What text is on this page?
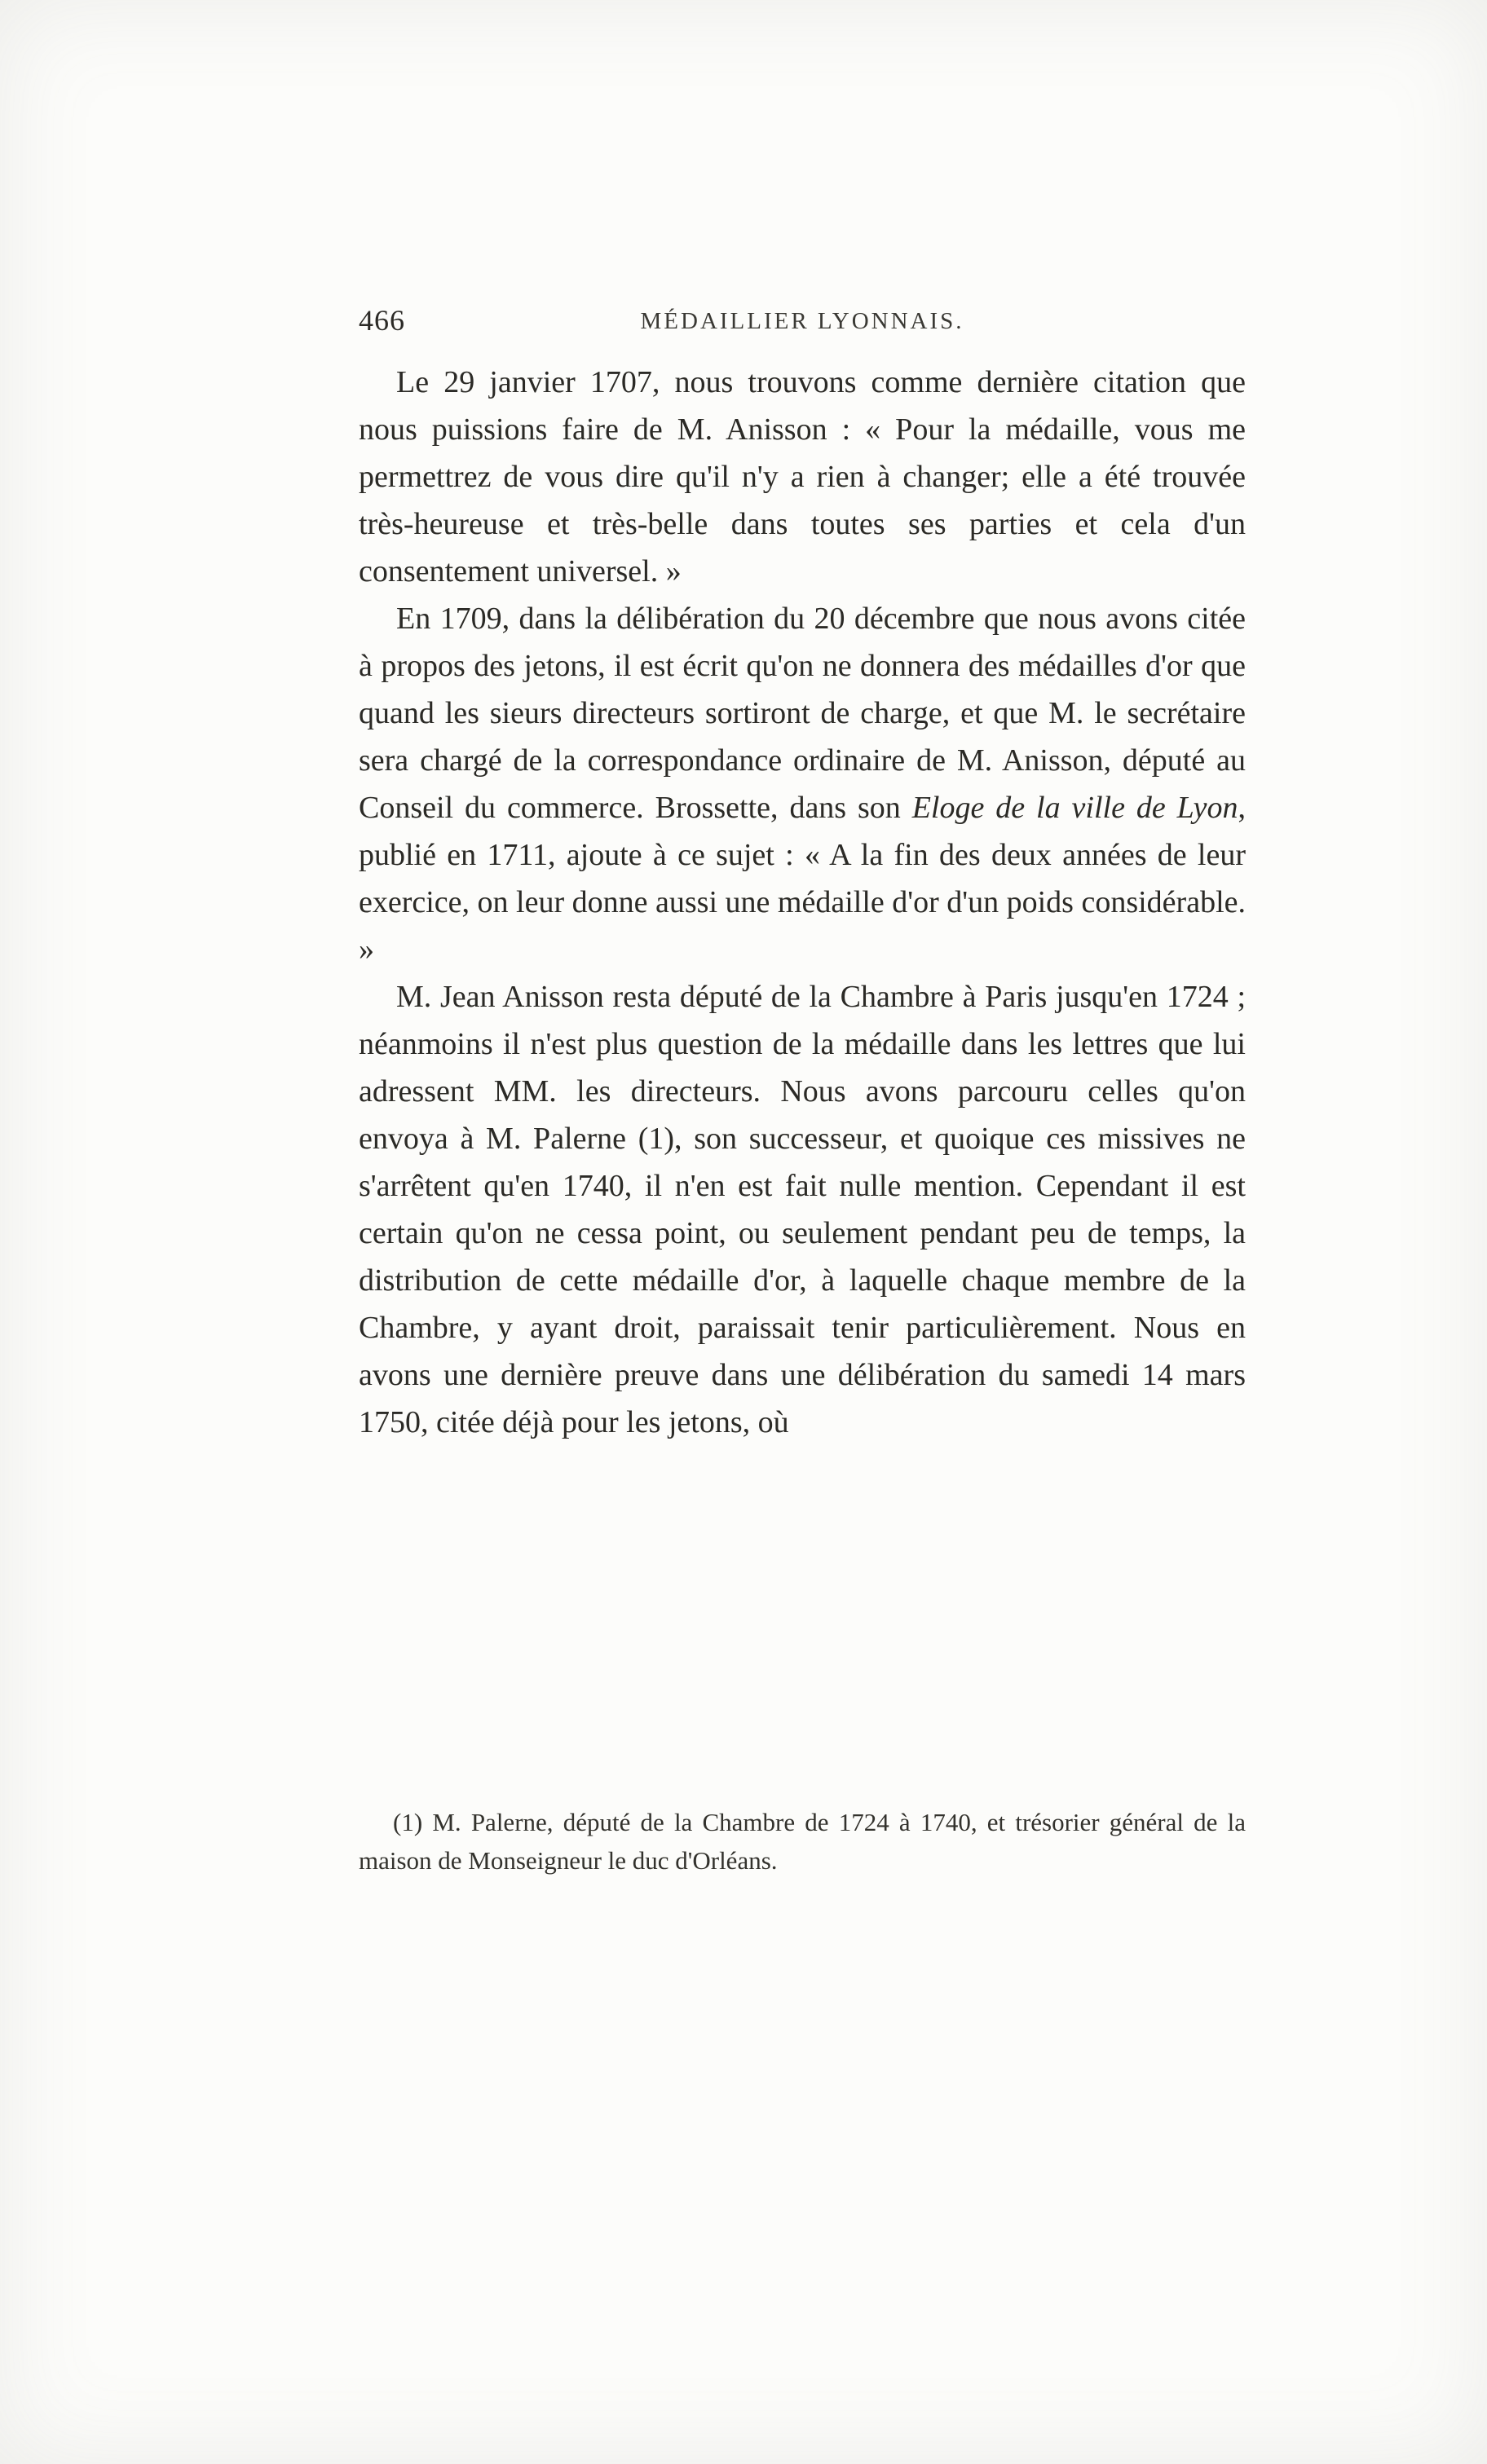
466	MÉDAILLIER LYONNAIS.

Le 29 janvier 1707, nous trouvons comme dernière citation que nous puissions faire de M. Anisson : « Pour la médaille, vous me permettrez de vous dire qu'il n'y a rien à changer; elle a été trouvée très-heureuse et très-belle dans toutes ses parties et cela d'un consentement universel. »

En 1709, dans la délibération du 20 décembre que nous avons citée à propos des jetons, il est écrit qu'on ne donnera des médailles d'or que quand les sieurs directeurs sortiront de charge, et que M. le secrétaire sera chargé de la correspondance ordinaire de M. Anisson, député au Conseil du commerce. Brossette, dans son Eloge de la ville de Lyon, publié en 1711, ajoute à ce sujet : « A la fin des deux années de leur exercice, on leur donne aussi une médaille d'or d'un poids considérable. »

M. Jean Anisson resta député de la Chambre à Paris jusqu'en 1724 ; néanmoins il n'est plus question de la médaille dans les lettres que lui adressent MM. les directeurs. Nous avons parcouru celles qu'on envoya à M. Palerne (1), son successeur, et quoique ces missives ne s'arrêtent qu'en 1740, il n'en est fait nulle mention. Cependant il est certain qu'on ne cessa point, ou seulement pendant peu de temps, la distribution de cette médaille d'or, à laquelle chaque membre de la Chambre, y ayant droit, paraissait tenir particulièrement. Nous en avons une dernière preuve dans une délibération du samedi 14 mars 1750, citée déjà pour les jetons, où

(1) M. Palerne, député de la Chambre de 1724 à 1740, et trésorier général de la maison de Monseigneur le duc d'Orléans.
